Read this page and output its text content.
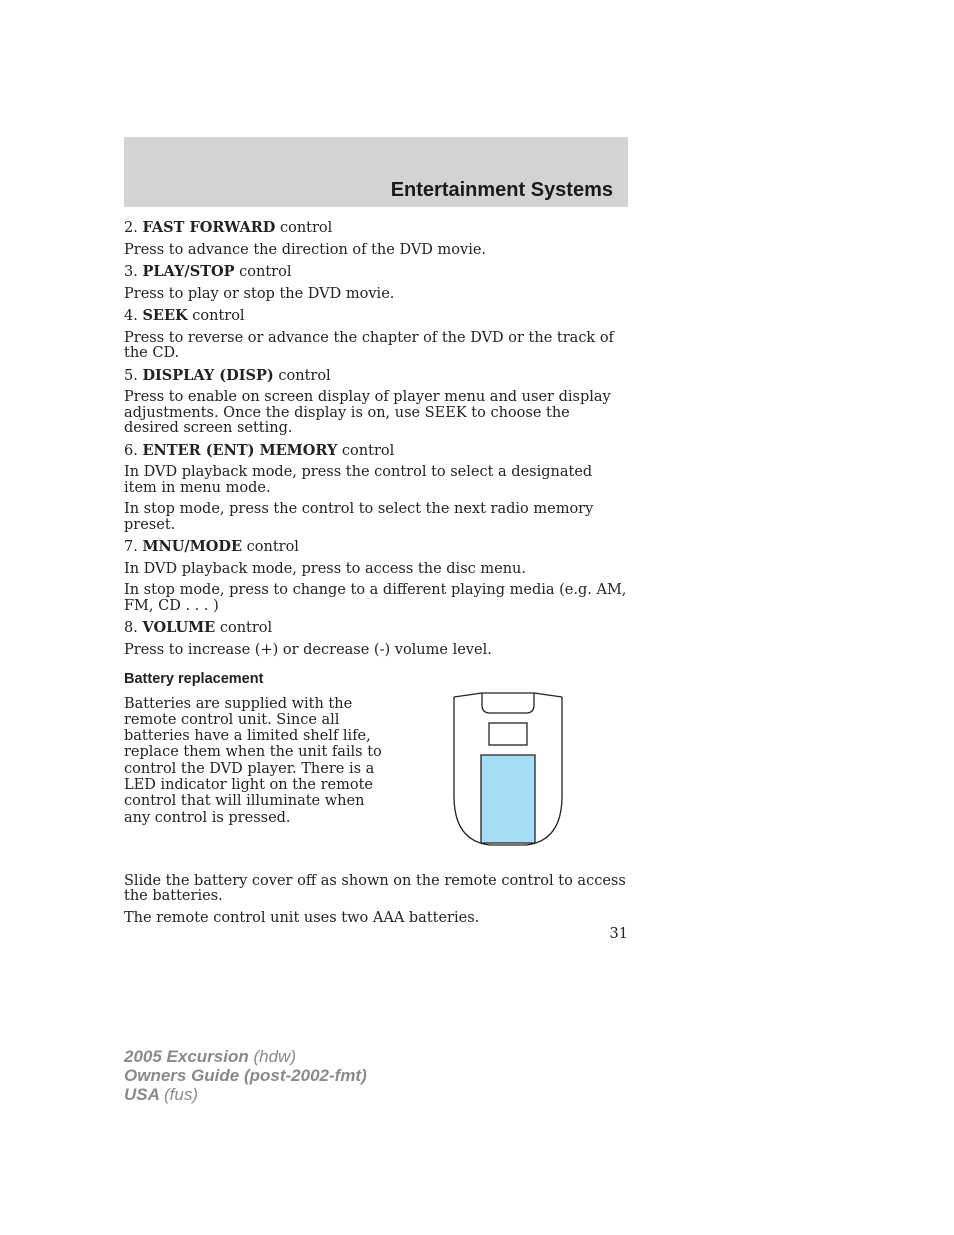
Entertainment Systems

2. FAST FORWARD control

Press to advance the direction of the DVD movie.

3. PLAY/STOP control

Press to play or stop the DVD movie.

4. SEEK control

Press to reverse or advance the chapter of the DVD or the track of the CD.

5. DISPLAY (DISP) control

Press to enable on screen display of player menu and user display adjustments. Once the display is on, use SEEK to choose the desired screen setting.

6. ENTER (ENT) MEMORY control

In DVD playback mode, press the control to select a designated item in menu mode.

In stop mode, press the control to select the next radio memory preset.

7. MNU/MODE control

In DVD playback mode, press to access the disc menu.

In stop mode, press to change to a different playing media (e.g. AM, FM, CD . . . )

8. VOLUME control

Press to increase (+) or decrease (-) volume level.

Battery replacement
Batteries are supplied with the remote control unit. Since all batteries have a limited shelf life, replace them when the unit fails to control the DVD player. There is a LED indicator light on the remote control that will illuminate when any control is pressed.

Slide the battery cover off as shown on the remote control to access the batteries.

The remote control unit uses two AAA batteries.

31
2005 Excursion (hdw)
Owners Guide (post-2002-fmt)
USA (fus)
